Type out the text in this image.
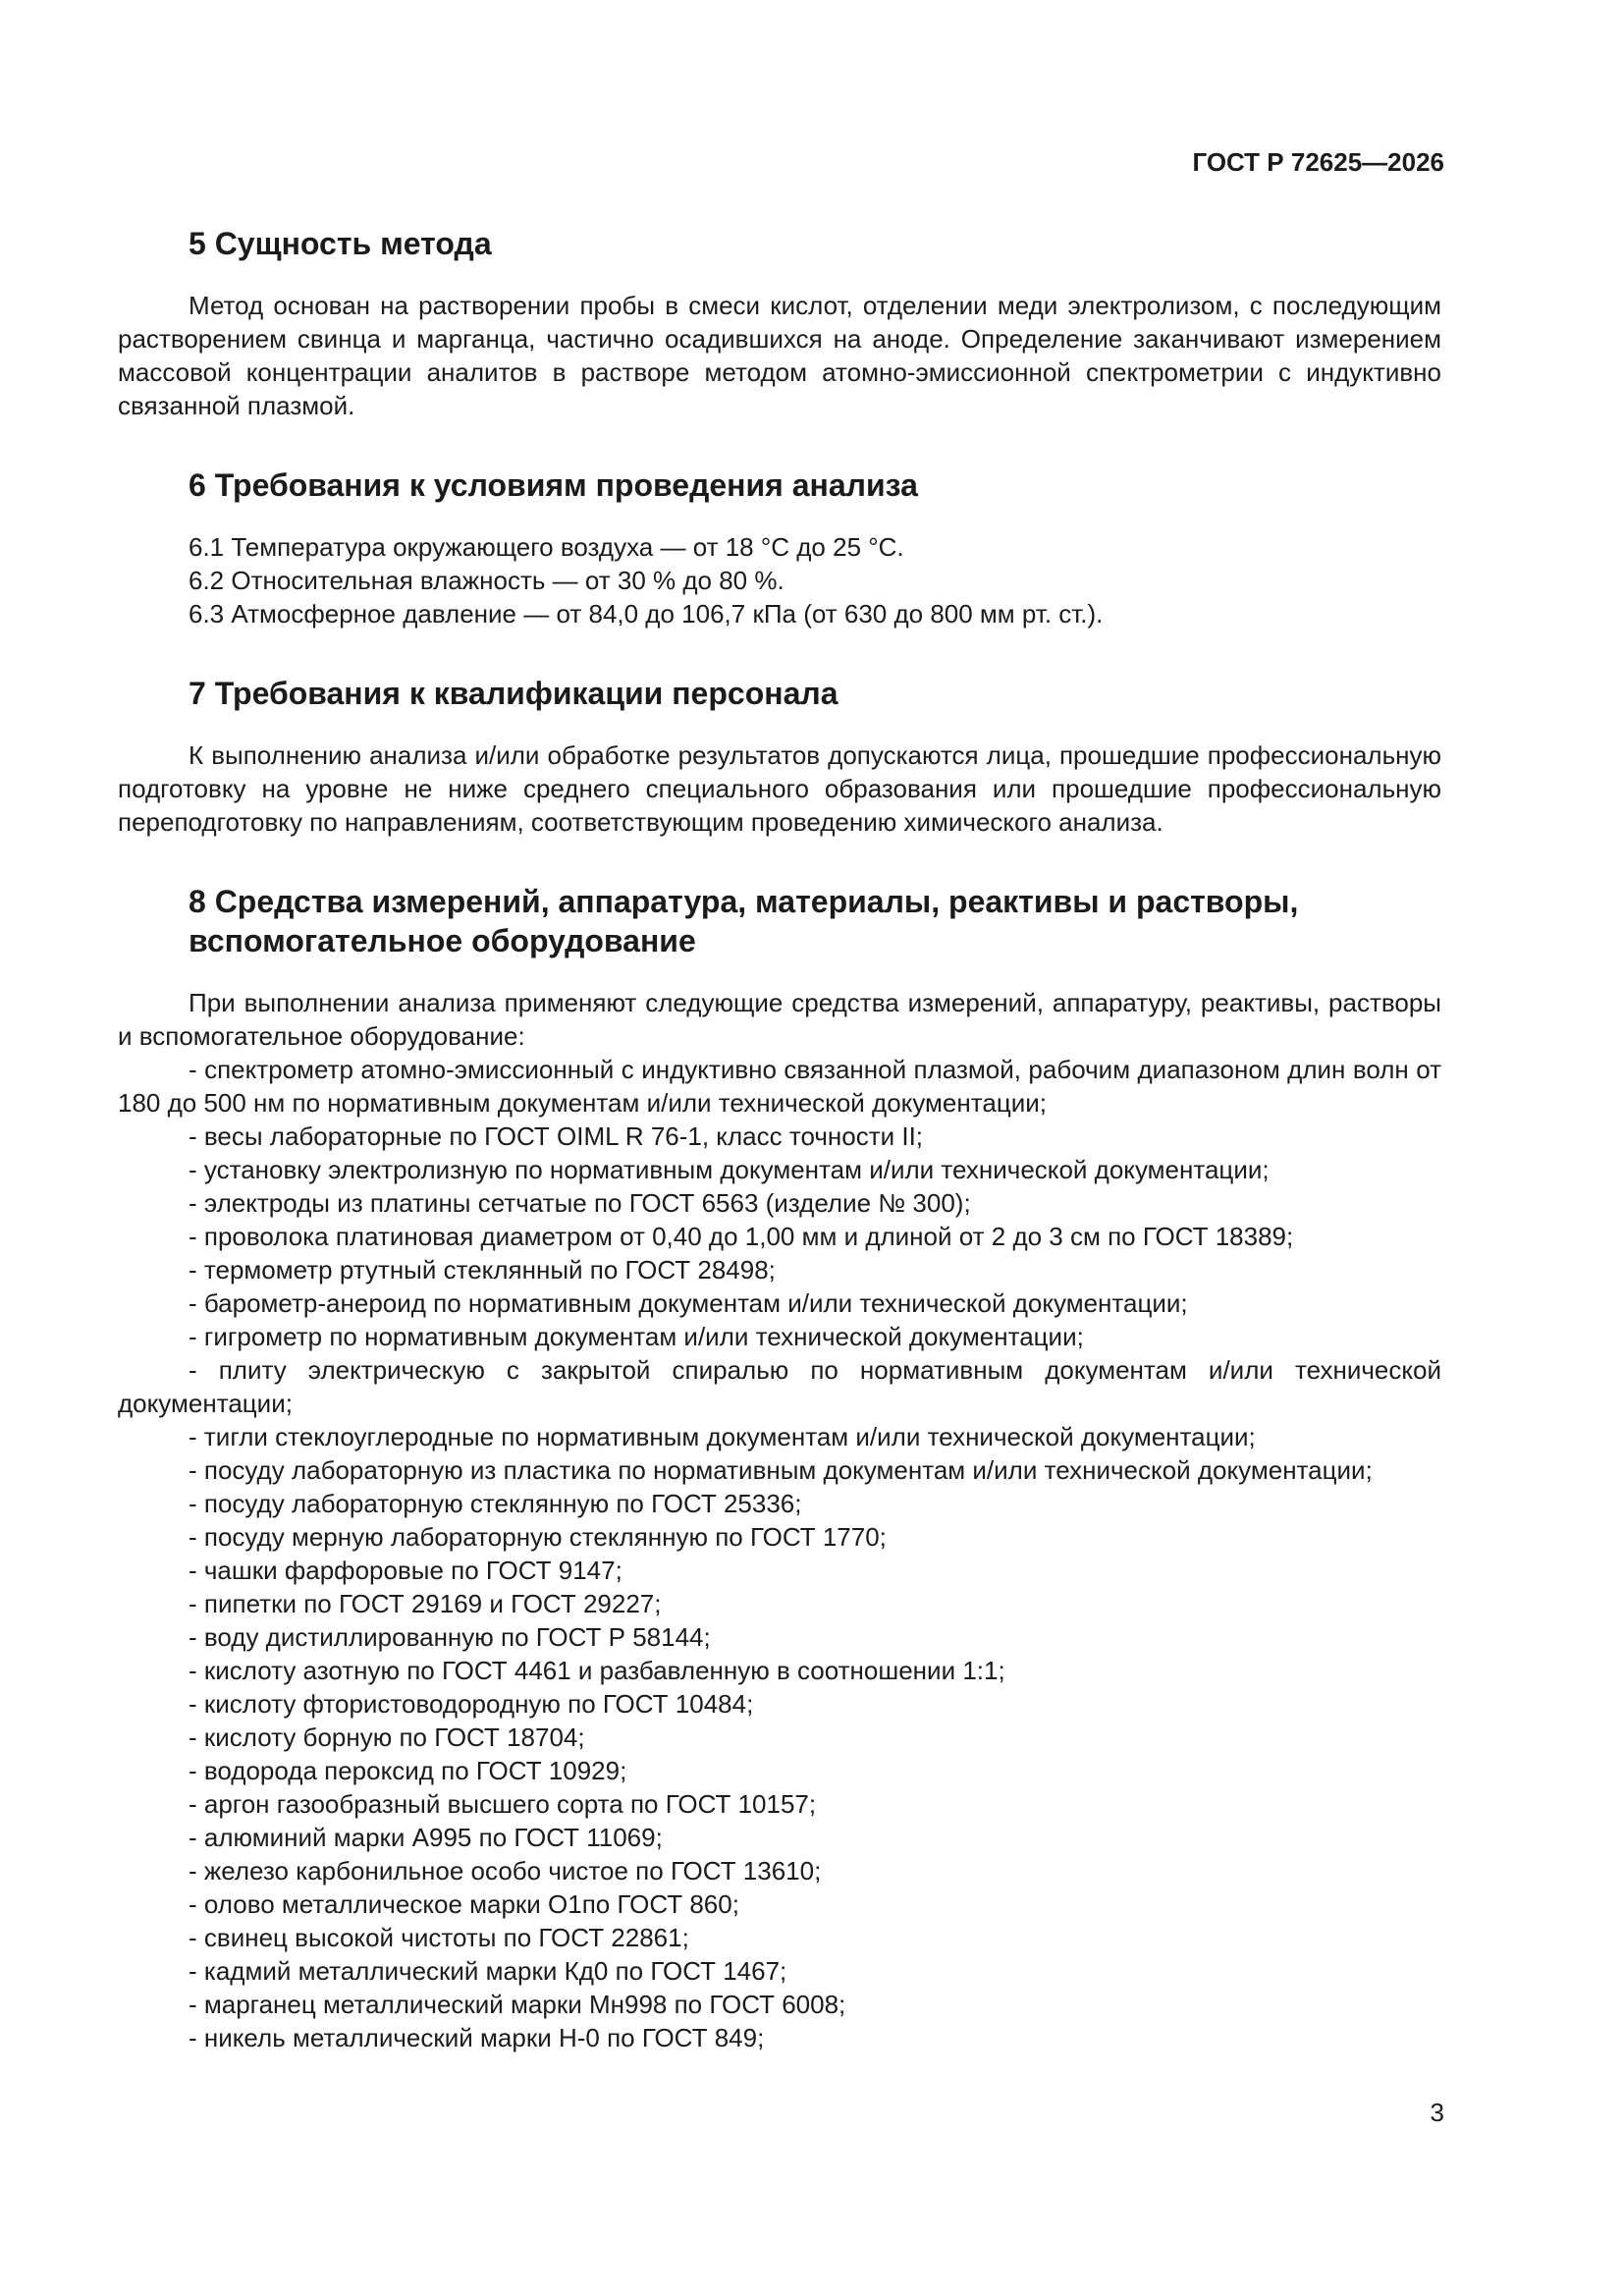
ГОСТ Р 72625—2026
5 Сущность метода

Метод основан на растворении пробы в смеси кислот, отделении меди электролизом, с последующим растворением свинца и марганца, частично осадившихся на аноде. Определение заканчивают измерением массовой концентрации аналитов в растворе методом атомно-эмиссионной спектрометрии с индуктивно связанной плазмой.

6 Требования к условиям проведения анализа
6.1 Температура окружающего воздуха — от 18 °С до 25 °С.
6.2 Относительная влажность — от 30 % до 80 %.
6.3 Атмосферное давление — от 84,0 до 106,7 кПа (от 630 до 800 мм рт. ст.).
7 Требования к квалификации персонала

К выполнению анализа и/или обработке результатов допускаются лица, прошедшие профессиональную подготовку на уровне не ниже среднего специального образования или прошедшие профессиональную переподготовку по направлениям, соответствующим проведению химического анализа.

8 Средства измерений, аппаратура, материалы, реактивы и растворы,
вспомогательное оборудование

При выполнении анализа применяют следующие средства измерений, аппаратуру, реактивы, растворы и вспомогательное оборудование:

- спектрометр атомно-эмиссионный с индуктивно связанной плазмой, рабочим диапазоном длин волн от 180 до 500 нм по нормативным документам и/или технической документации;

- весы лабораторные по ГОСТ OIML R 76-1, класс точности II;

- установку электролизную по нормативным документам и/или технической документации;

- электроды из платины сетчатые по ГОСТ 6563 (изделие № 300);

- проволока платиновая диаметром от 0,40 до 1,00 мм и длиной от 2 до 3 см по ГОСТ 18389;

- термометр ртутный стеклянный по ГОСТ 28498;

- барометр-анероид по нормативным документам и/или технической документации;

- гигрометр по нормативным документам и/или технической документации;

- плиту электрическую с закрытой спиралью по нормативным документам и/или технической документации;

- тигли стеклоуглеродные по нормативным документам и/или технической документации;

- посуду лабораторную из пластика по нормативным документам и/или технической документации;

- посуду лабораторную стеклянную по ГОСТ 25336;

- посуду мерную лабораторную стеклянную по ГОСТ 1770;

- чашки фарфоровые по ГОСТ 9147;

- пипетки по ГОСТ 29169 и ГОСТ 29227;

- воду дистиллированную по ГОСТ Р 58144;

- кислоту азотную по ГОСТ 4461 и разбавленную в соотношении 1:1;

- кислоту фтористоводородную по ГОСТ 10484;

- кислоту борную по ГОСТ 18704;

- водорода пероксид по ГОСТ 10929;

- аргон газообразный высшего сорта по ГОСТ 10157;

- алюминий марки А995 по ГОСТ 11069;

- железо карбонильное особо чистое по ГОСТ 13610;

- олово металлическое марки О1по ГОСТ 860;

- свинец высокой чистоты по ГОСТ 22861;

- кадмий металлический марки Кд0 по ГОСТ 1467;

- марганец металлический марки Мн998 по ГОСТ 6008;

- никель металлический марки Н-0 по ГОСТ 849;

3
